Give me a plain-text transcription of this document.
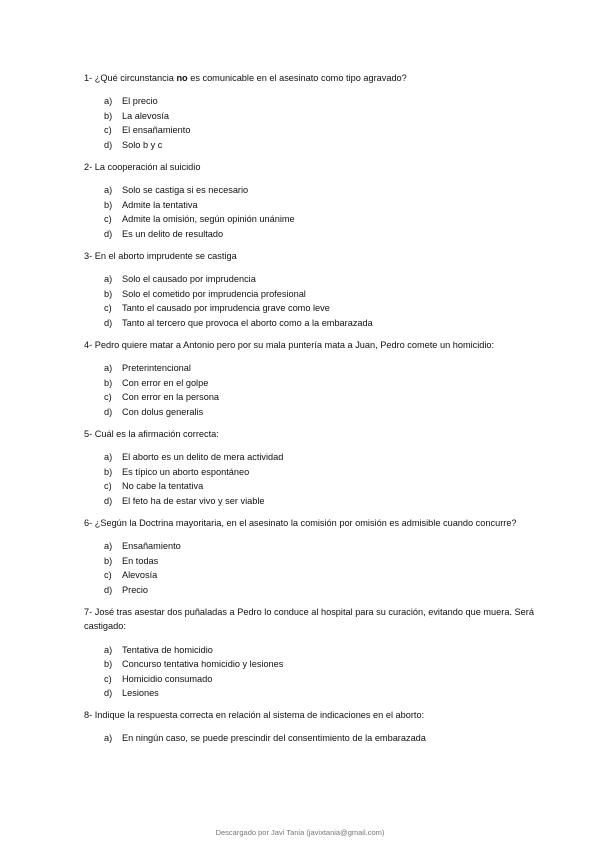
1- ¿Qué circunstancia no es comunicable en el asesinato como tipo agravado?

a) El precio
b) La alevosía
c) El ensañamiento
d) Solo b y c

2- La cooperación al suicidio

a) Solo se castiga si es necesario
b) Admite la tentativa
c) Admite la omisión, según opinión unánime
d) Es un delito de resultado

3- En el aborto imprudente se castiga

a) Solo el causado por imprudencia
b) Solo el cometido por imprudencia profesional
c) Tanto el causado por imprudencia grave como leve
d) Tanto al tercero que provoca el aborto como a la embarazada

4- Pedro quiere matar a Antonio pero por su mala puntería mata a Juan, Pedro comete un homicidio:

a) Preterintencional
b) Con error en el golpe
c) Con error en la persona
d) Con dolus generalis

5- Cuál es la afirmación correcta:

a) El aborto es un delito de mera actividad
b) Es típico un aborto espontáneo
c) No cabe la tentativa
d) El feto ha de estar vivo y ser viable

6- ¿Según la Doctrina mayoritaria, en el asesinato la comisión por omisión es admisible cuando concurre?

a) Ensañamiento
b) En todas
c) Alevosía
d) Precio

7- José tras asestar dos puñaladas a Pedro lo conduce al hospital para su curación, evitando que muera. Será castigado:

a) Tentativa de homicidio
b) Concurso tentativa homicidio y lesiones
c) Homicidio consumado
d) Lesiones

8- Indique la respuesta correcta en relación al sistema de indicaciones en el aborto:

a) En ningún caso, se puede prescindir del consentimiento de la embarazada
Descargado por Javi Tania (javixtania@gmail.com)
